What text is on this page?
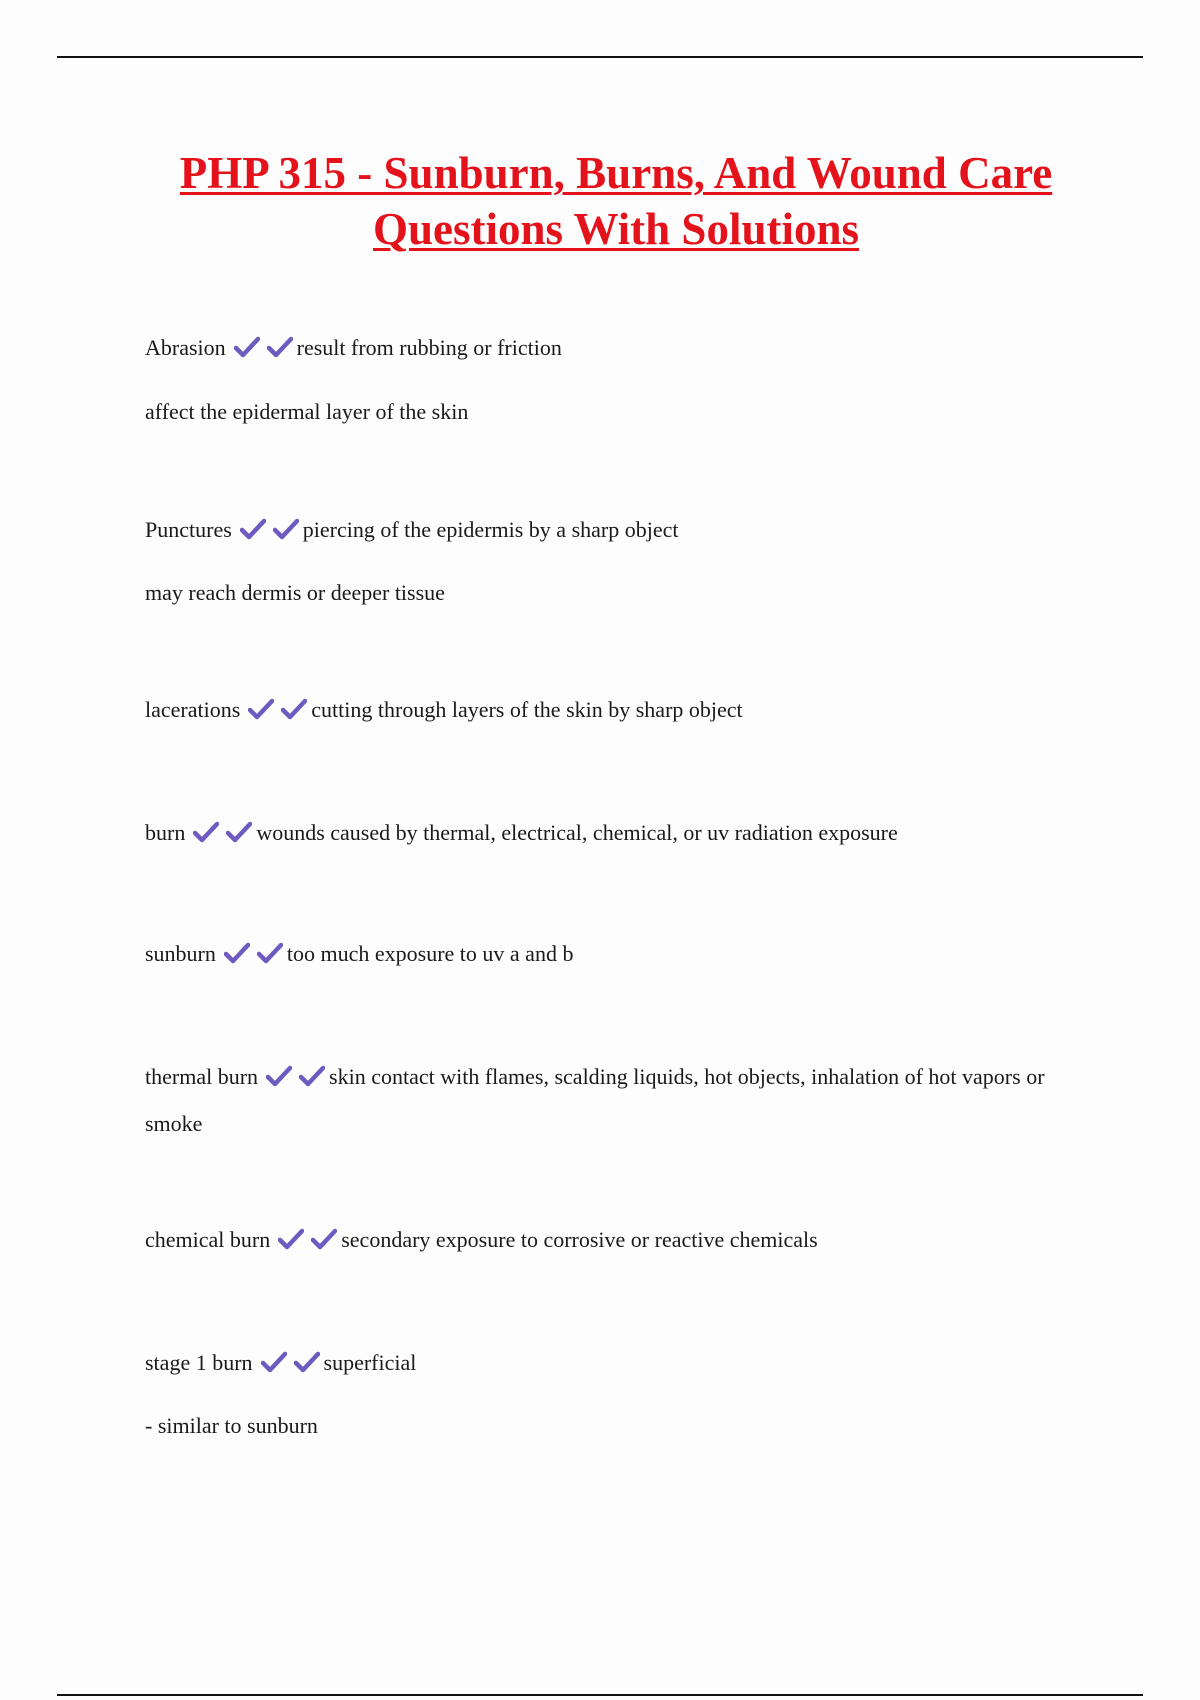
PHP 315 - Sunburn, Burns, And Wound Care
Questions With Solutions
Abrasion	result from rubbing or friction
affect the epidermal layer of the skin
Punctures	piercing of the epidermis by a sharp object
may reach dermis or deeper tissue
lacerations	cutting through layers of the skin by sharp object
burn	wounds caused by thermal, electrical, chemical, or uv radiation exposure
sunburn	too much exposure to uv a and b
thermal burn	skin contact with flames, scalding liquids, hot objects, inhalation of hot vapors or smoke
chemical burn	secondary exposure to corrosive or reactive chemicals
stage 1 burn	superficial
- similar to sunburn
